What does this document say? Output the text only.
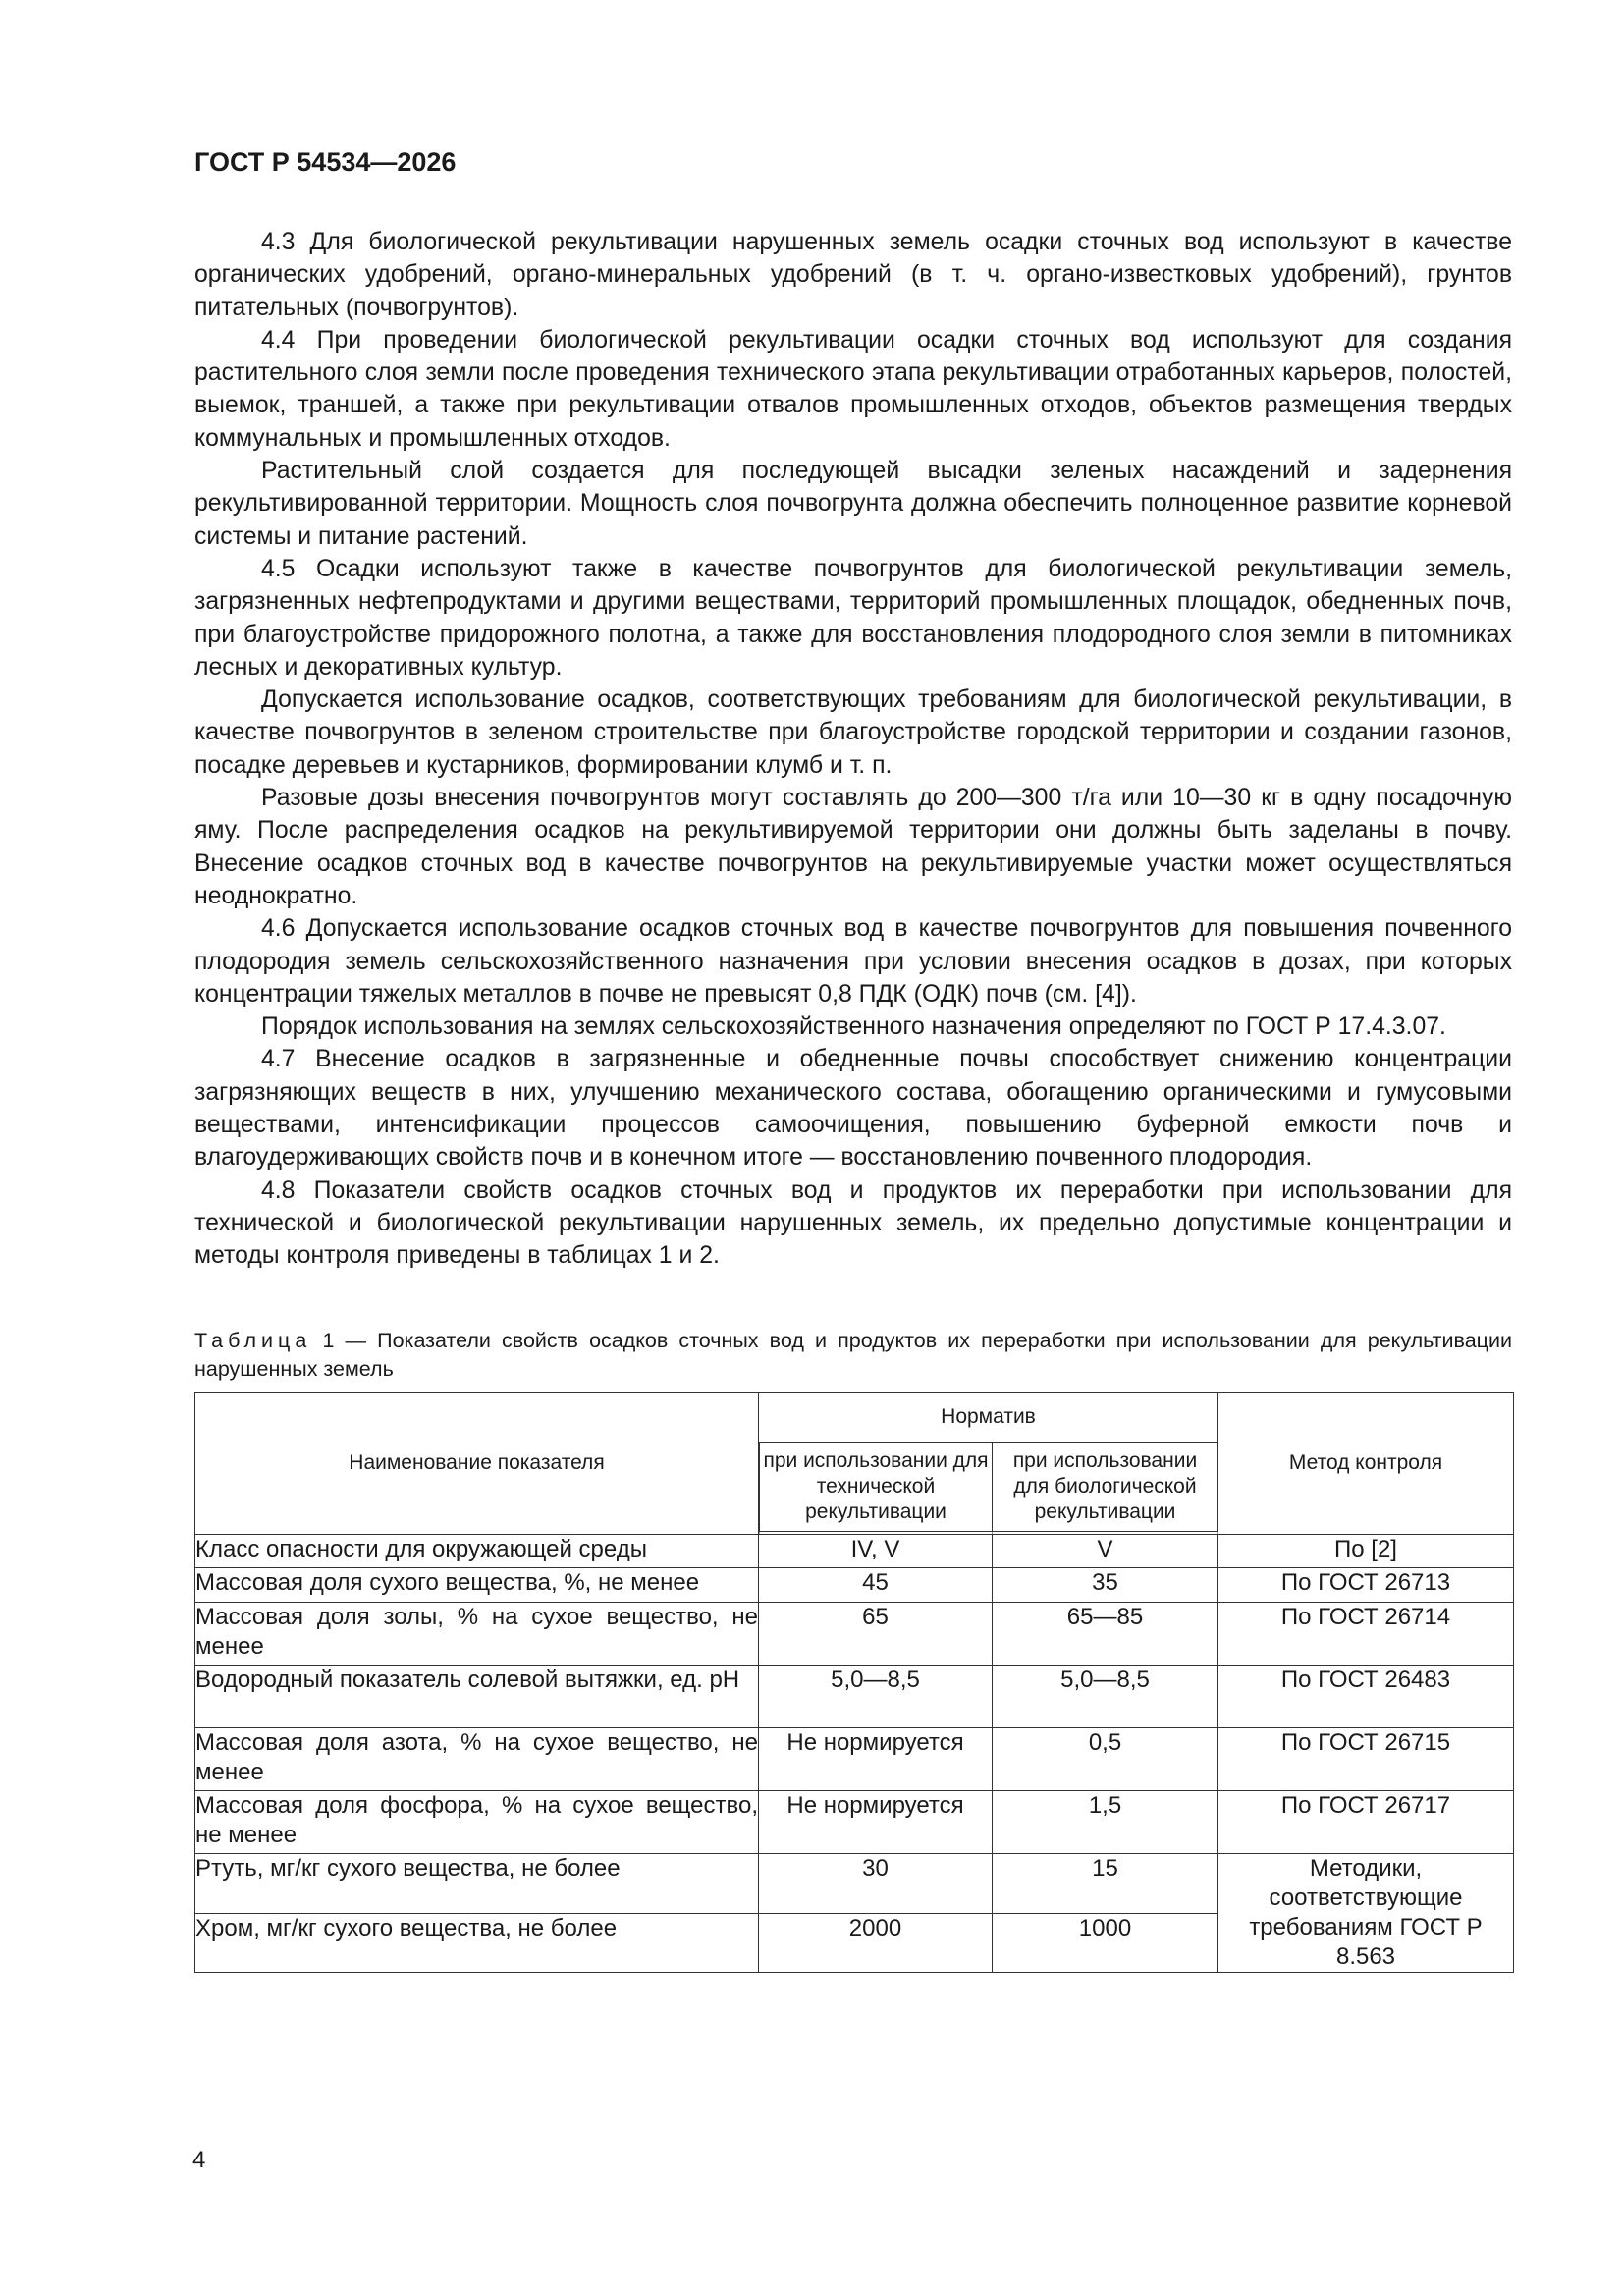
ГОСТ Р 54534—2026

4.3 Для биологической рекультивации нарушенных земель осадки сточных вод используют в качестве органических удобрений, органо-минеральных удобрений (в т. ч. органо-известковых удобрений), грунтов питательных (почвогрунтов).

4.4 При проведении биологической рекультивации осадки сточных вод используют для создания растительного слоя земли после проведения технического этапа рекультивации отработанных карьеров, полостей, выемок, траншей, а также при рекультивации отвалов промышленных отходов, объектов размещения твердых коммунальных и промышленных отходов.

Растительный слой создается для последующей высадки зеленых насаждений и задернения рекультивированной территории. Мощность слоя почвогрунта должна обеспечить полноценное развитие корневой системы и питание растений.

4.5 Осадки используют также в качестве почвогрунтов для биологической рекультивации земель, загрязненных нефтепродуктами и другими веществами, территорий промышленных площадок, обедненных почв, при благоустройстве придорожного полотна, а также для восстановления плодородного слоя земли в питомниках лесных и декоративных культур.

Допускается использование осадков, соответствующих требованиям для биологической рекультивации, в качестве почвогрунтов в зеленом строительстве при благоустройстве городской территории и создании газонов, посадке деревьев и кустарников, формировании клумб и т. п.

Разовые дозы внесения почвогрунтов могут составлять до 200—300 т/га или 10—30 кг в одну посадочную яму. После распределения осадков на рекультивируемой территории они должны быть заделаны в почву. Внесение осадков сточных вод в качестве почвогрунтов на рекультивируемые участки может осуществляться неоднократно.

4.6 Допускается использование осадков сточных вод в качестве почвогрунтов для повышения почвенного плодородия земель сельскохозяйственного назначения при условии внесения осадков в дозах, при которых концентрации тяжелых металлов в почве не превысят 0,8 ПДК (ОДК) почв (см. [4]).

Порядок использования на землях сельскохозяйственного назначения определяют по ГОСТ Р 17.4.3.07.

4.7 Внесение осадков в загрязненные и обедненные почвы способствует снижению концентрации загрязняющих веществ в них, улучшению механического состава, обогащению органическими и гумусовыми веществами, интенсификации процессов самоочищения, повышению буферной емкости почв и влагоудерживающих свойств почв и в конечном итоге — восстановлению почвенного плодородия.

4.8 Показатели свойств осадков сточных вод и продуктов их переработки при использовании для технической и биологической рекультивации нарушенных земель, их предельно допустимые концентрации и методы контроля приведены в таблицах 1 и 2.

Таблица 1 — Показатели свойств осадков сточных вод и продуктов их переработки при использовании для рекультивации нарушенных земель
Наименование показателя	Норматив		Метод контроля
	при использовании для технической рекультивации	при использовании для биологической рекультивации	
Класс опасности для окружающей среды	IV, V	V	По [2]
Массовая доля сухого вещества, %, не менее	45	35	По ГОСТ 26713
Массовая доля золы, % на сухое вещество, не менее	65	65—85	По ГОСТ 26714
Водородный показатель солевой вытяжки, ед. pH	5,0—8,5	5,0—8,5	По ГОСТ 26483
Массовая доля азота, % на сухое вещество, не менее	Не нормируется	0,5	По ГОСТ 26715
Массовая доля фосфора, % на сухое вещество, не менее	Не нормируется	1,5	По ГОСТ 26717
Ртуть, мг/кг сухого вещества, не более	30	15	Методики, соответствующие требованиям ГОСТ Р 8.563
Хром, мг/кг сухого вещества, не более	2000	1000	

4
